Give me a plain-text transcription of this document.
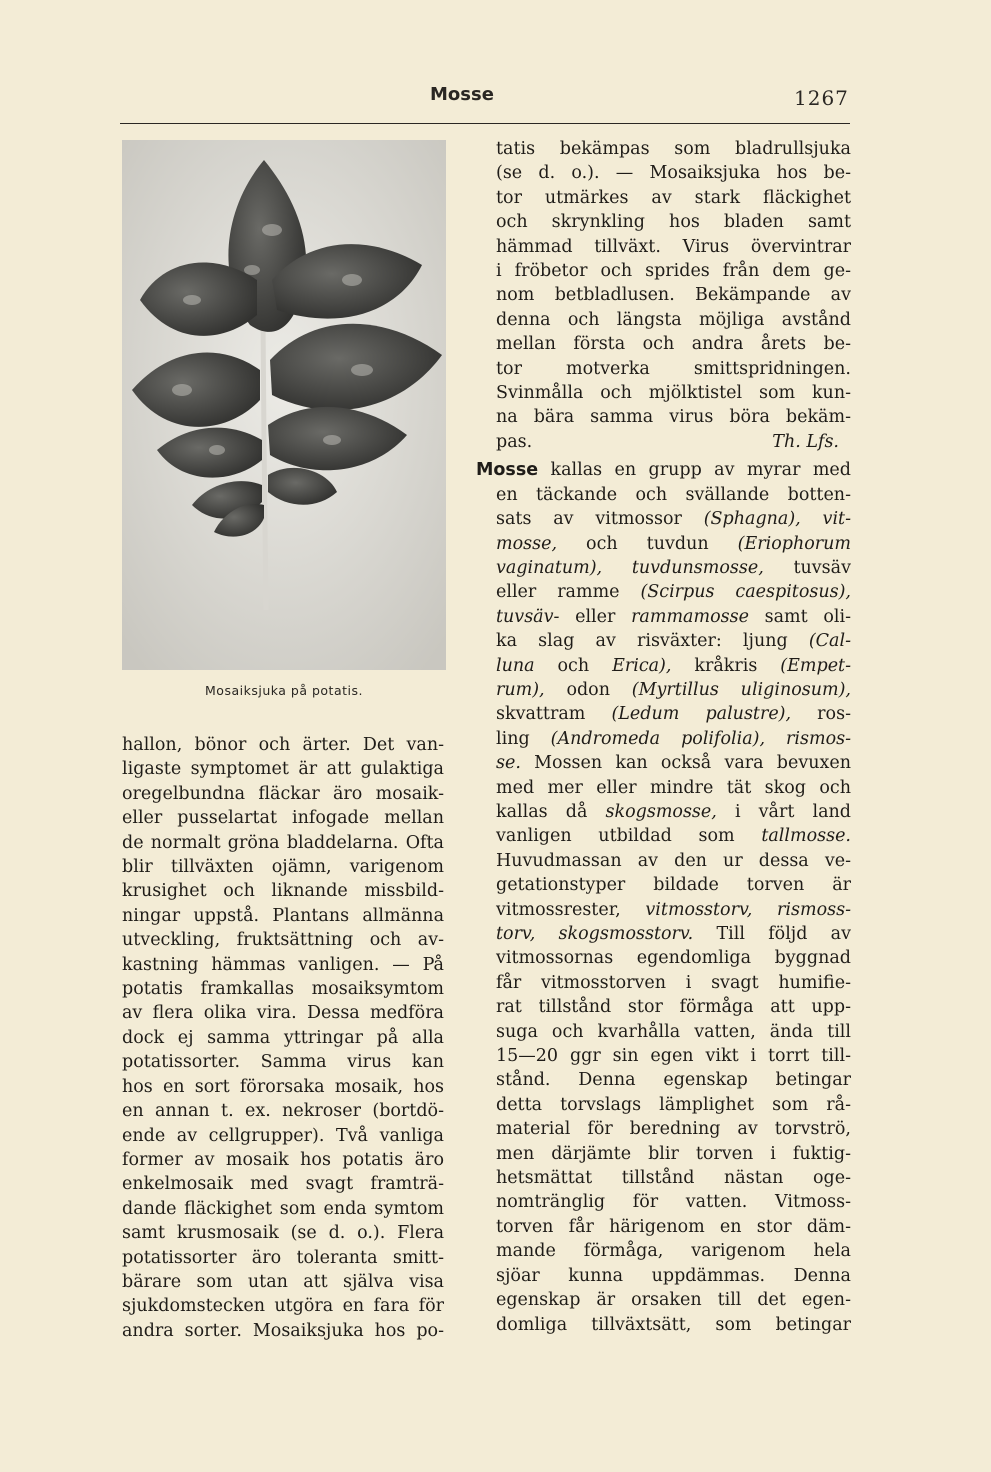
Mosse	1267
Mosaiksjuka på potatis.
hallon, bönor och ärter. Det van-
ligaste symptomet är att gulaktiga
oregelbundna fläckar äro mosaik-
eller pusselartat infogade mellan
de normalt gröna bladdelarna. Ofta
blir tillväxten ojämn, varigenom
krusighet och liknande missbild-
ningar uppstå. Plantans allmänna
utveckling, fruktsättning och av-
kastning hämmas vanligen. — På
potatis framkallas mosaiksymtom
av flera olika vira. Dessa medföra
dock ej samma yttringar på alla
potatissorter. Samma virus kan
hos en sort förorsaka mosaik, hos
en annan t. ex. nekroser (bortdö-
ende av cellgrupper). Två vanliga
former av mosaik hos potatis äro
enkelmosaik med svagt framträ-
dande fläckighet som enda symtom
samt krusmosaik (se d. o.). Flera
potatissorter äro toleranta smitt-
bärare som utan att själva visa
sjukdomstecken utgöra en fara för
andra sorter. Mosaiksjuka hos po-
tatis bekämpas som bladrullsjuka
(se d. o.). — Mosaiksjuka hos be-
tor utmärkes av stark fläckighet
och skrynkling hos bladen samt
hämmad tillväxt. Virus övervintrar
i fröbetor och sprides från dem ge-
nom betbladlusen. Bekämpande av
denna och längsta möjliga avstånd
mellan första och andra årets be-
tor motverka smittspridningen.
Svinmålla och mjölktistel som kun-
na bära samma virus böra bekäm-
pas.	Th. Lfs.
Mosse kallas en grupp av myrar med
en täckande och svällande botten-
sats av vitmossor (Sphagna), vit-
mosse, och tuvdun (Eriophorum
vaginatum), tuvdunsmosse, tuvsäv
eller ramme (Scirpus caespitosus),
tuvsäv- eller rammamosse samt oli-
ka slag av risväxter: ljung (Cal-
luna och Erica), kråkris (Empet-
rum), odon (Myrtillus uliginosum),
skvattram (Ledum palustre), ros-
ling (Andromeda polifolia), rismos-
se. Mossen kan också vara bevuxen
med mer eller mindre tät skog och
kallas då skogsmosse, i vårt land
vanligen utbildad som tallmosse.
Huvudmassan av den ur dessa ve-
getationstyper bildade torven är
vitmossrester, vitmosstorv, rismoss-
torv, skogsmosstorv. Till följd av
vitmossornas egendomliga byggnad
får vitmosstorven i svagt humifie-
rat tillstånd stor förmåga att upp-
suga och kvarhålla vatten, ända till
15—20 ggr sin egen vikt i torrt till-
stånd. Denna egenskap betingar
detta torvslags lämplighet som rå-
material för beredning av torvströ,
men därjämte blir torven i fuktig-
hetsmättat tillstånd nästan oge-
nomtränglig för vatten. Vitmoss-
torven får härigenom en stor däm-
mande förmåga, varigenom hela
sjöar kunna uppdämmas. Denna
egenskap är orsaken till det egen-
domliga tillväxtsätt, som betingar
